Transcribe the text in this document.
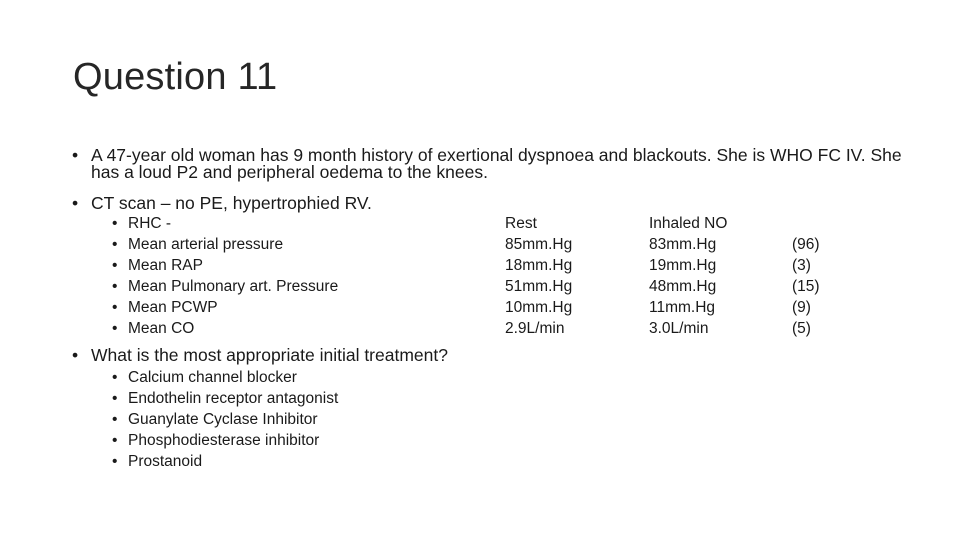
Question 11
• A 47-year old woman has 9 month history of exertional dyspnoea and blackouts. She is WHO FC IV. She has a loud P2 and peripheral oedema to the knees.
• CT scan – no PE, hypertrophied RV.
• RHC -	Rest	Inhaled NO
• Mean arterial pressure	85mm.Hg	83mm.Hg	(96)
• Mean RAP	18mm.Hg	19mm.Hg	(3)
• Mean Pulmonary art. Pressure	51mm.Hg	48mm.Hg	(15)
• Mean PCWP	10mm.Hg	11mm.Hg	(9)
• Mean CO	2.9L/min	3.0L/min	(5)
• What is the most appropriate initial treatment?
• Calcium channel blocker
• Endothelin receptor antagonist
• Guanylate Cyclase Inhibitor
• Phosphodiesterase inhibitor
• Prostanoid
